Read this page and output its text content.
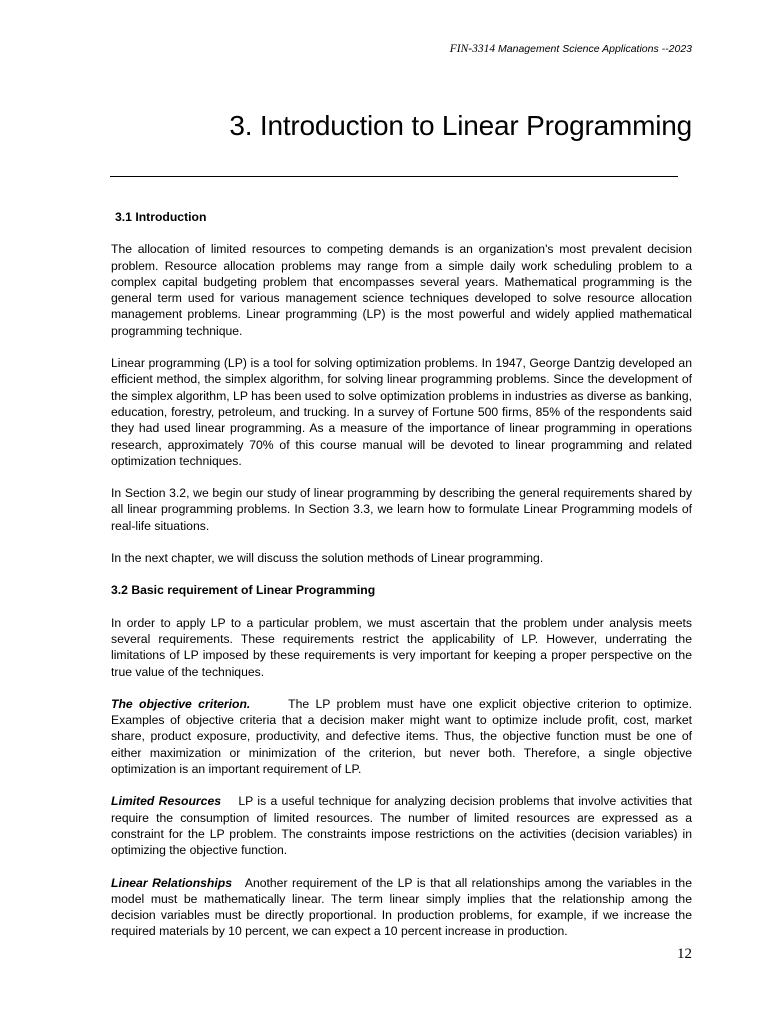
FIN-3314 Management Science Applications --2023
3. Introduction to Linear Programming
3.1 Introduction

The allocation of limited resources to competing demands is an organization's most prevalent decision problem. Resource allocation problems may range from a simple daily work scheduling problem to a complex capital budgeting problem that encompasses several years. Mathematical programming is the general term used for various management science techniques developed to solve resource allocation management problems. Linear programming (LP) is the most powerful and widely applied mathematical programming technique.

Linear programming (LP) is a tool for solving optimization problems. In 1947, George Dantzig developed an efficient method, the simplex algorithm, for solving linear programming problems. Since the development of the simplex algorithm, LP has been used to solve optimization problems in industries as diverse as banking, education, forestry, petroleum, and trucking. In a survey of Fortune 500 firms, 85% of the respondents said they had used linear programming. As a measure of the importance of linear programming in operations research, approximately 70% of this course manual will be devoted to linear programming and related optimization techniques.

In Section 3.2, we begin our study of linear programming by describing the general requirements shared by all linear programming problems. In Section 3.3, we learn how to formulate Linear Programming models of real-life situations.

In the next chapter, we will discuss the solution methods of Linear programming.

3.2 Basic requirement of Linear Programming

In order to apply LP to a particular problem, we must ascertain that the problem under analysis meets several requirements. These requirements restrict the applicability of LP. However, underrating the limitations of LP imposed by these requirements is very important for keeping a proper perspective on the true value of the techniques.

The objective criterion.	The LP problem must have one explicit objective criterion to optimize. Examples of objective criteria that a decision maker might want to optimize include profit, cost, market share, product exposure, productivity, and defective items. Thus, the objective function must be one of either maximization or minimization of the criterion, but never both. Therefore, a single objective optimization is an important requirement of LP.

Limited Resources LP is a useful technique for analyzing decision problems that involve activities that require the consumption of limited resources. The number of limited resources are expressed as a constraint for the LP problem. The constraints impose restrictions on the activities (decision variables) in optimizing the objective function.

Linear Relationships Another requirement of the LP is that all relationships among the variables in the model must be mathematically linear. The term linear simply implies that the relationship among the decision variables must be directly proportional. In production problems, for example, if we increase the required materials by 10 percent, we can expect a 10 percent increase in production.

12
